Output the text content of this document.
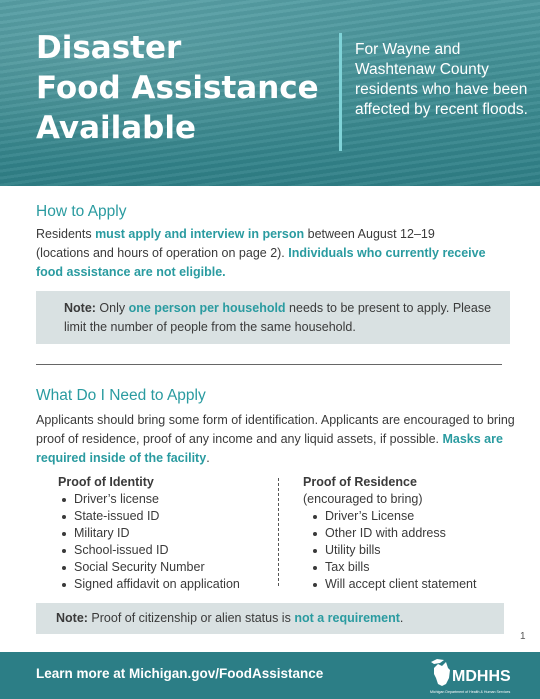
Disaster
Food Assistance
Available
For Wayne and Washtenaw County residents who have been affected by recent floods.
How to Apply
Residents must apply and interview in person between August 12–19
(locations and hours of operation on page 2). Individuals who currently receive food assistance are not eligible.
Note: Only one person per household needs to be present to apply. Please limit the number of people from the same household.
What Do I Need to Apply
Applicants should bring some form of identification. Applicants are encouraged to bring proof of residence, proof of any income and any liquid assets, if possible. Masks are required inside of the facility.
Proof of Identity
Driver’s license
State-issued ID
Military ID
School-issued ID
Social Security Number
Signed affidavit on application
Proof of Residence
(encouraged to bring)
Driver’s License
Other ID with address
Utility bills
Tax bills
Will accept client statement
Note: Proof of citizenship or alien status is not a requirement.
1
Learn more at Michigan.gov/FoodAssistance	MDHHS
Michigan Department of Health & Human Services
